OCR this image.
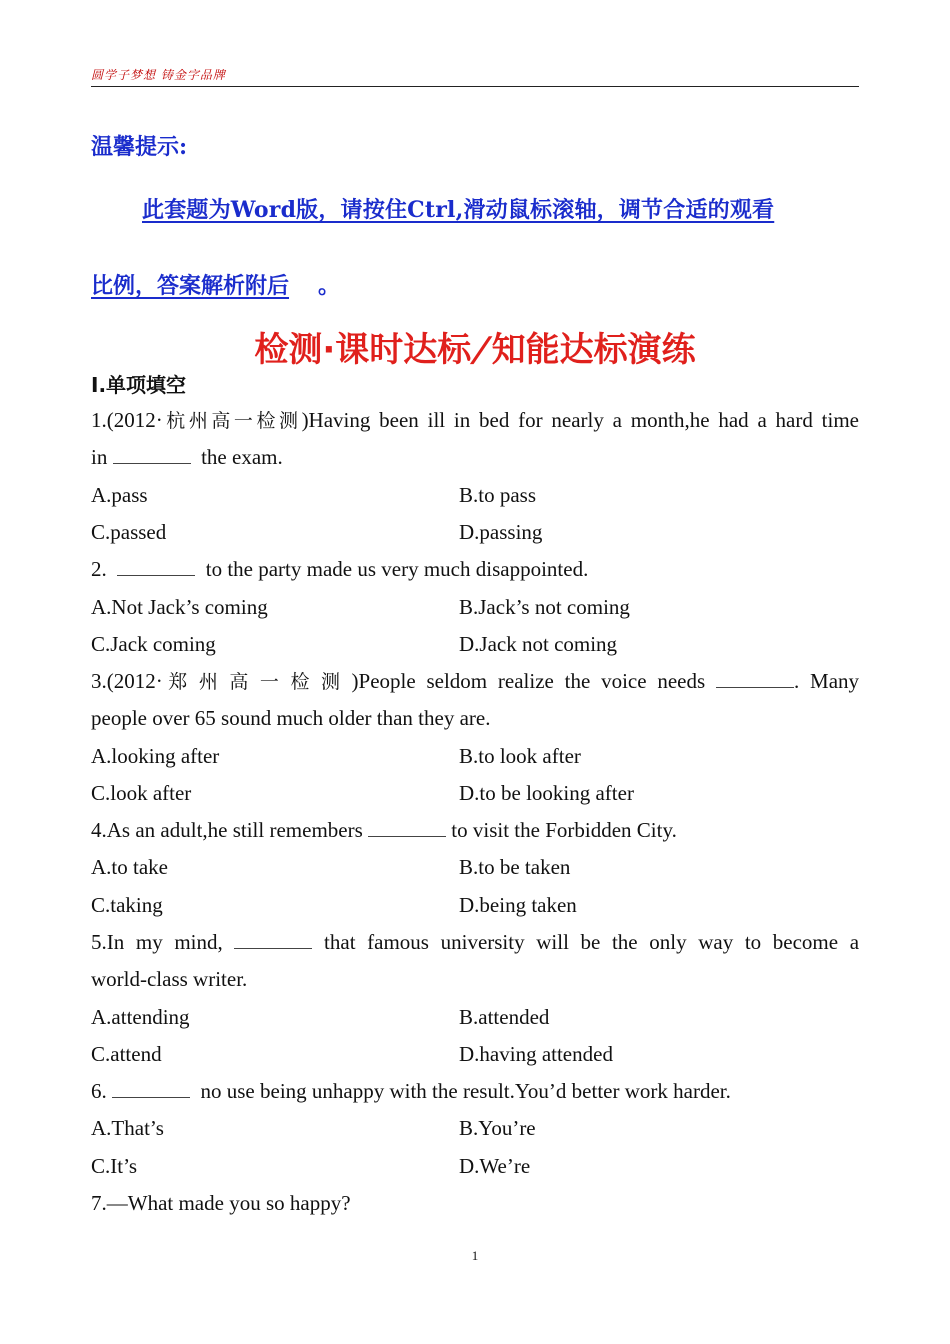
圆学子梦想 铸金字品牌
温馨提示:
此套题为Word版，请按住Ctrl,滑动鼠标滚轴，调节合适的观看
比例，答案解析附后 。
检测·课时达标/知能达标演练
Ⅰ.单项填空
1.(2012·杭州高一检测)Having been ill in bed for nearly a month,he had a hard time
in	the exam.
A.pass	B.to pass
C.passed	D.passing
2.	to the party made us very much disappointed.
A.Not Jack’s coming	B.Jack’s not coming
C.Jack coming	D.Jack not coming
3.(2012·郑州高一检测)People seldom realize the voice needs	. Many
people over 65 sound much older than they are.
A.looking after	B.to look after
C.look after	D.to be looking after
4.As an adult,he still remembers	to visit the Forbidden City.
A.to take	B.to be taken
C.taking	D.being taken
5.In my mind,	that famous university will be the only way to become a
world-class writer.
A.attending	B.attended
C.attend	D.having attended
6.	no use being unhappy with the result.You’d better work harder.
A.That’s	B.You’re
C.It’s	D.We’re
7.—What made you so happy?
1
